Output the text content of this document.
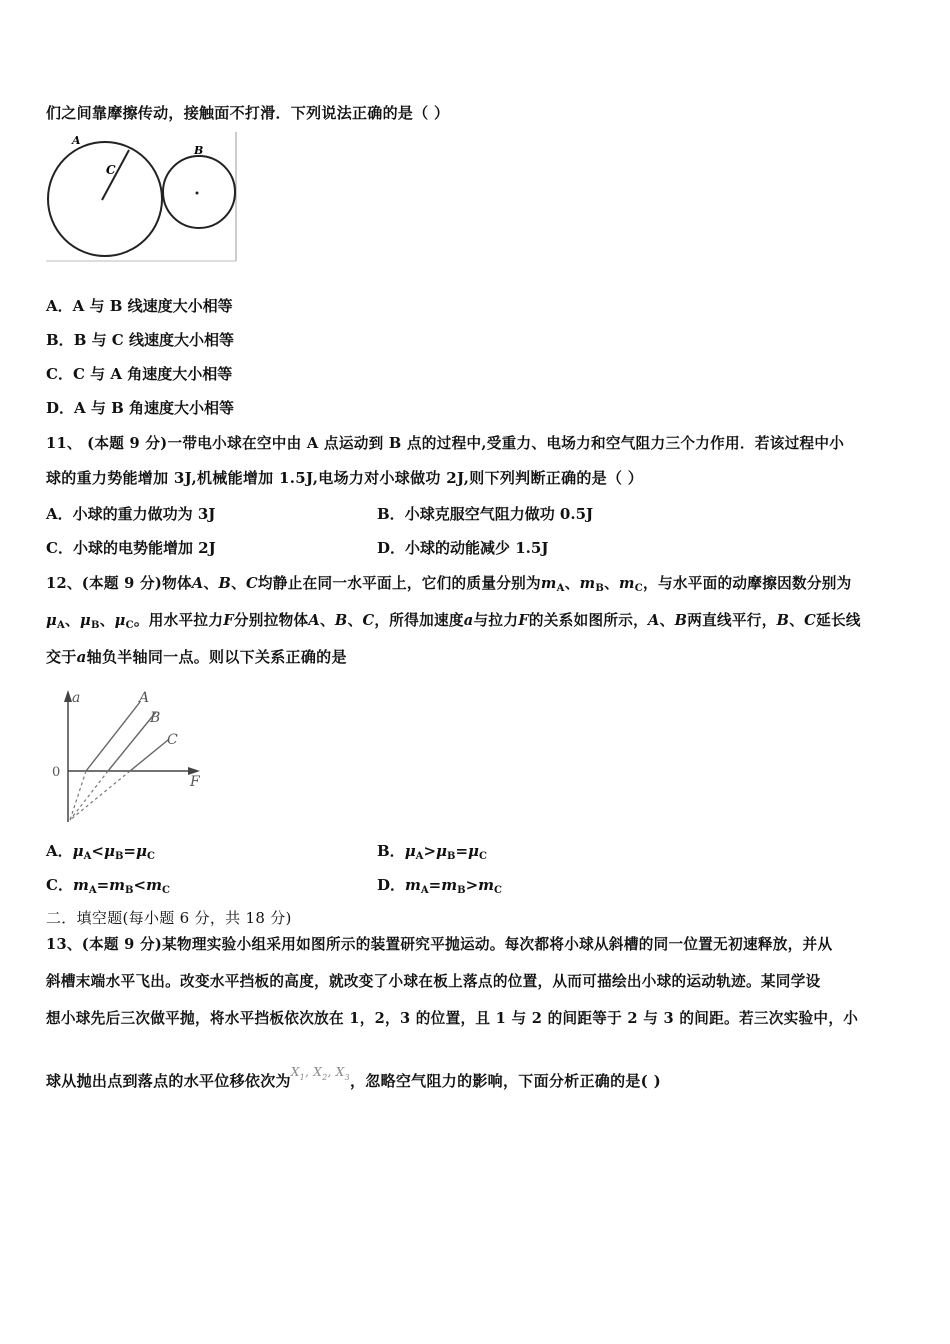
们之间靠摩擦传动，接触面不打滑．下列说法正确的是（ ）
A
C
B
A．A 与 B 线速度大小相等
B．B 与 C 线速度大小相等
C．C 与 A 角速度大小相等
D．A 与 B 角速度大小相等
11、 (本题 9 分)一带电小球在空中由 A 点运动到 B 点的过程中,受重力、电场力和空气阻力三个力作用．若该过程中小
球的重力势能增加 3J,机械能增加 1.5J,电场力对小球做功 2J,则下列判断正确的是（ ）
A．小球的重力做功为 3J	B．小球克服空气阻力做功 0.5J
C．小球的电势能增加 2J	D．小球的动能减少 1.5J
12、(本题 9 分)物体A、B、C均静止在同一水平面上，它们的质量分别为$m_A$、$m_B$、$m_C$，与水平面的动摩擦因数分别为
$\mu_A$、$\mu_B$、$\mu_C$。用水平拉力F分别拉物体A、B、C，所得加速度a与拉力F的关系如图所示，A、B两直线平行，B、C延长线
交于a轴负半轴同一点。则以下关系正确的是
a
F
0
A
B
C
A．$\mu_A<\mu_B=\mu_C$	B．$\mu_A>\mu_B=\mu_C$
C．$m_A=m_B<m_C$	D．$m_A=m_B>m_C$
二．填空题(每小题 6 分，共 18 分)
13、(本题 9 分)某物理实验小组采用如图所示的装置研究平抛运动。每次都将小球从斜槽的同一位置无初速释放，并从
斜槽末端水平飞出。改变水平挡板的高度，就改变了小球在板上落点的位置，从而可描绘出小球的运动轨迹。某同学设
想小球先后三次做平抛，将水平挡板依次放在 1，2，3 的位置，且 1 与 2 的间距等于 2 与 3 的间距。若三次实验中，小
球从抛出点到落点的水平位移依次为$X_1$, $X_2$, $X_3$，忽略空气阻力的影响，下面分析正确的是( )
